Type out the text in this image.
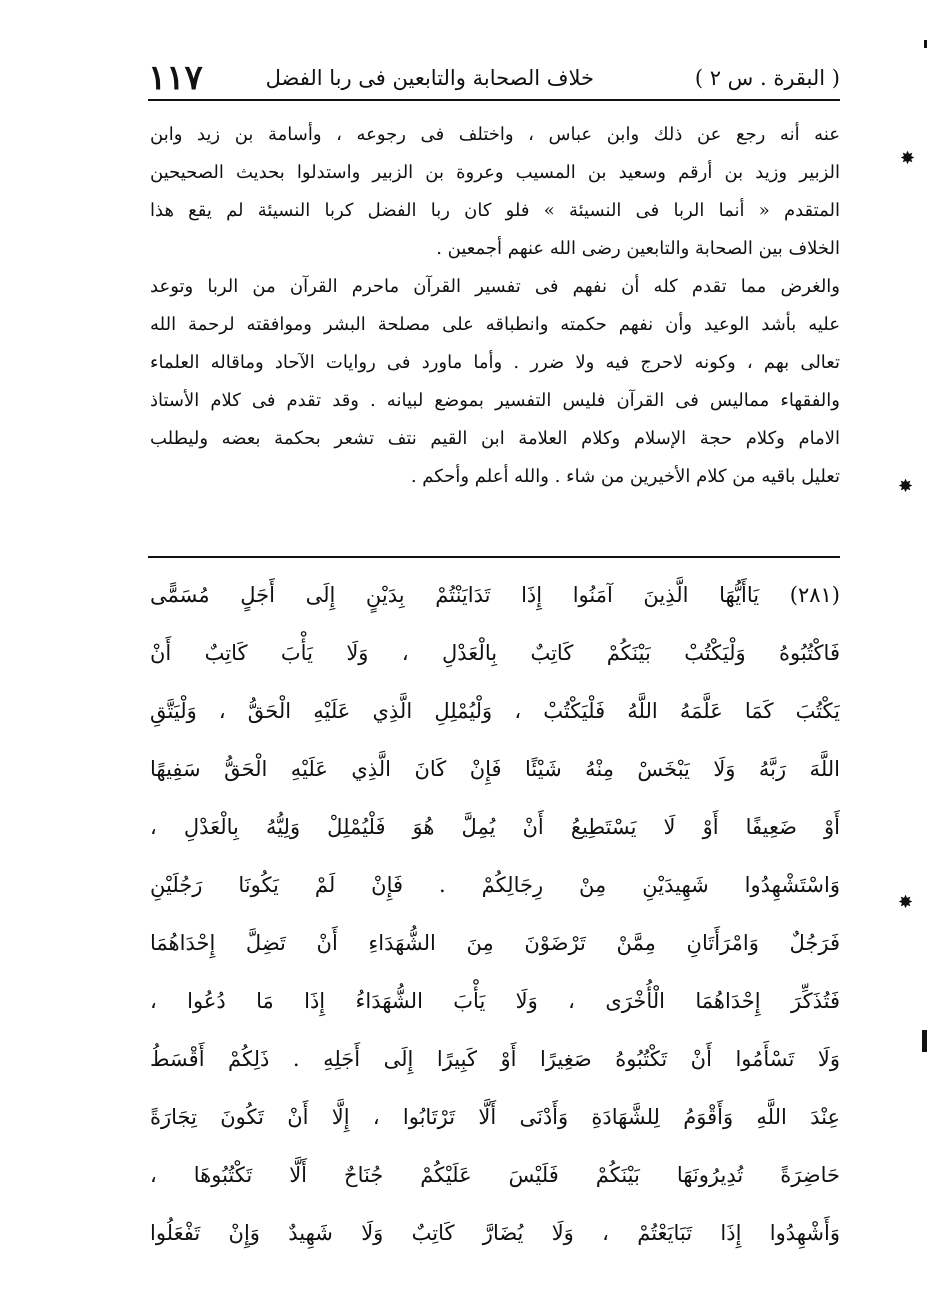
( البقرة . س ٢ )
خلاف الصحابة والتابعين فى ربا الفضل
١١٧
عنه أنه رجع عن ذلك وابن عباس ، واختلف فى رجوعه ، وأسامة بن زيد وابن
الزبير وزيد بن أرقم وسعيد بن المسيب وعروة بن الزبير واستدلوا بحديث الصحيحين
المتقدم « أنما الربا فى النسيئة » فلو كان ربا الفضل كربا النسيئة لم يقع هذا
الخلاف بين الصحابة والتابعين رضى الله عنهم أجمعين .
والغرض مما تقدم كله أن نفهم فى تفسير القرآن ماحرم القرآن من الربا وتوعد
عليه بأشد الوعيد وأن نفهم حكمته وانطباقه على مصلحة البشر وموافقته لرحمة الله
تعالى بهم ، وكونه لاحرج فيه ولا ضرر . وأما ماورد فى روايات الآحاد وماقاله العلماء
والفقهاء مماليس فى القرآن فليس التفسير بموضع لبيانه . وقد تقدم فى كلام الأستاذ
الامام وكلام حجة الإسلام وكلام العلامة ابن القيم نتف تشعر بحكمة بعضه وليطلب
تعليل باقيه من كلام الأخيرين من شاء . والله أعلم وأحكم .
(٢٨١) يَاأَيُّهَا الَّذِينَ آمَنُوا إِذَا تَدَايَنْتُمْ بِدَيْنٍ إِلَى أَجَلٍ مُسَمًّى
فَاكْتُبُوهُ وَلْيَكْتُبْ بَيْنَكُمْ كَاتِبٌ بِالْعَدْلِ ، وَلَا يَأْبَ كَاتِبٌ أَنْ
يَكْتُبَ كَمَا عَلَّمَهُ اللَّهُ فَلْيَكْتُبْ ، وَلْيُمْلِلِ الَّذِي عَلَيْهِ الْحَقُّ ، وَلْيَتَّقِ
اللَّهَ رَبَّهُ وَلَا يَبْخَسْ مِنْهُ شَيْئًا فَإِنْ كَانَ الَّذِي عَلَيْهِ الْحَقُّ سَفِيهًا
أَوْ ضَعِيفًا أَوْ لَا يَسْتَطِيعُ أَنْ يُمِلَّ هُوَ فَلْيُمْلِلْ وَلِيُّهُ بِالْعَدْلِ ،
وَاسْتَشْهِدُوا شَهِيدَيْنِ مِنْ رِجَالِكُمْ . فَإِنْ لَمْ يَكُونَا رَجُلَيْنِ
فَرَجُلٌ وَامْرَأَتَانِ مِمَّنْ تَرْضَوْنَ مِنَ الشُّهَدَاءِ أَنْ تَضِلَّ إِحْدَاهُمَا
فَتُذَكِّرَ إِحْدَاهُمَا الْأُخْرَى ، وَلَا يَأْبَ الشُّهَدَاءُ إِذَا مَا دُعُوا ،
وَلَا تَسْأَمُوا أَنْ تَكْتُبُوهُ صَغِيرًا أَوْ كَبِيرًا إِلَى أَجَلِهِ . ذَلِكُمْ أَقْسَطُ
عِنْدَ اللَّهِ وَأَقْوَمُ لِلشَّهَادَةِ وَأَدْنَى أَلَّا تَرْتَابُوا ، إِلَّا أَنْ تَكُونَ تِجَارَةً
حَاضِرَةً تُدِيرُونَهَا بَيْنَكُمْ فَلَيْسَ عَلَيْكُمْ جُنَاحٌ أَلَّا تَكْتُبُوهَا ،
وَأَشْهِدُوا إِذَا تَبَايَعْتُمْ ، وَلَا يُضَارَّ كَاتِبٌ وَلَا شَهِيدٌ وَإِنْ تَفْعَلُوا
✸
✸
✸
